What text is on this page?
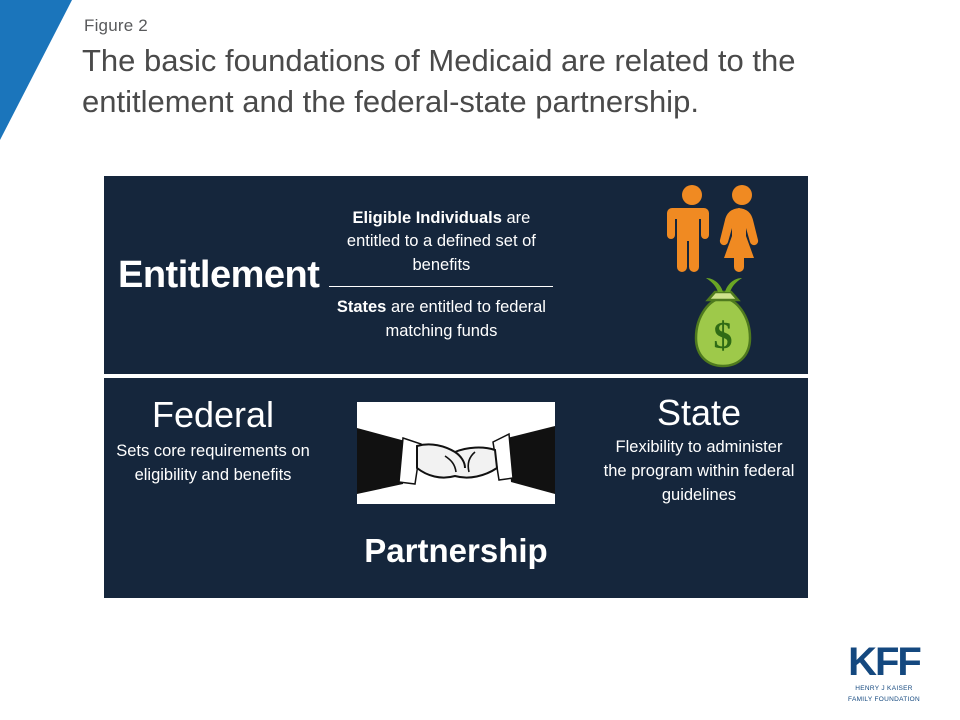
Figure 2
The basic foundations of Medicaid are related to the entitlement and the federal-state partnership.
Entitlement
Eligible Individuals are entitled to a defined set of benefits
States are entitled to federal matching funds	$
Federal
Sets core requirements on eligibility and benefits
Partnership
State
Flexibility to administer the program within federal guidelines
KFF
HENRY J KAISER
FAMILY FOUNDATION
